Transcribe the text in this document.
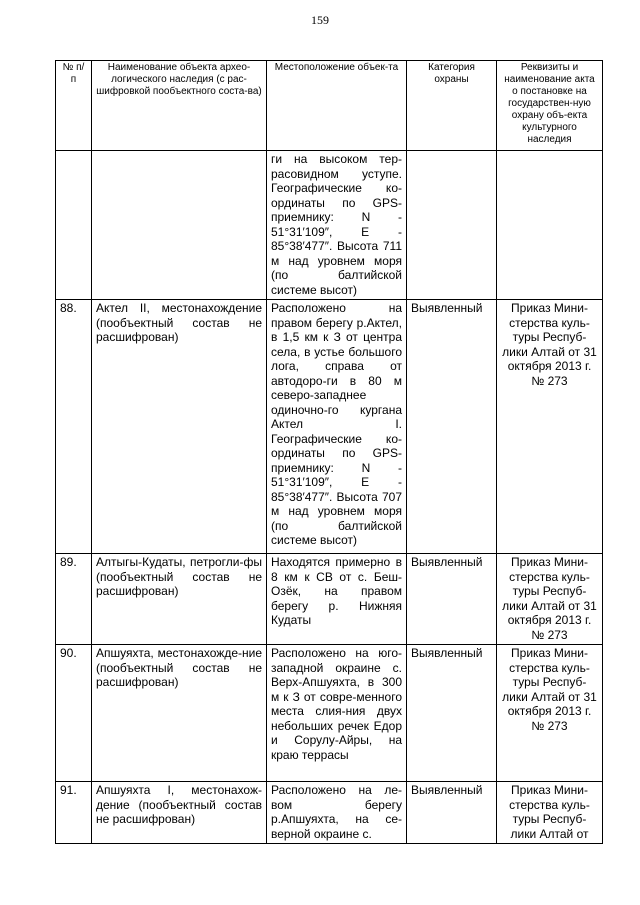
159
№ п/п	Наименование объекта архео-логического наследия (с рас-шифровкой пообъектного соста-ва)	Местоположение объек-та	Категория охраны	Реквизиты и наименование акта о постановке на государствен-ную охрану объ-екта культурного наследия
		ги на высоком тер-расовидном уступе. Географические ко-ординаты по GPS-приемнику: N - 51°31′109″, E - 85°38′477″. Высота 711 м над уровнем моря (по балтийской системе высот)		
88.	Актел II, местонахождение (пообъектный состав не расшифрован)	Расположено на правом берегу р.Актел, в 1,5 км к З от центра села, в устье большого лога, справа от автодоро-ги в 80 м северо-западнее одиночно-го кургана Актел I. Географические ко-ординаты по GPS-приемнику: N - 51°31′109″, E - 85°38′477″. Высота 707 м над уровнем моря (по балтийской системе высот)	Выявленный	Приказ Мини-стерства куль-туры Респуб-лики Алтай от 31 октября 2013 г. № 273
89.	Алтыгы-Кудаты, петрогли-фы (пообъектный состав не расшифрован)	Находятся примерно в 8 км к СВ от с. Беш-Озёк, на правом берегу р. Нижняя Кудаты	Выявленный	Приказ Мини-стерства куль-туры Респуб-лики Алтай от 31 октября 2013 г. № 273
90.	Апшуяхта, местонахожде-ние (пообъектный состав не расшифрован)	Расположено на юго-западной окраине с. Верх-Апшуяхта, в 300 м к З от совре-менного места слия-ния двух небольших речек Едор и Сорулу-Айры, на краю террасы	Выявленный	Приказ Мини-стерства куль-туры Респуб-лики Алтай от 31 октября 2013 г. № 273
91.	Апшуяхта I, местонахож-дение (пообъектный состав не расшифрован)	Расположено на ле-вом берегу р.Апшуяхта, на се-верной окраине с.	Выявленный	Приказ Мини-стерства куль-туры Респуб-лики Алтай от
